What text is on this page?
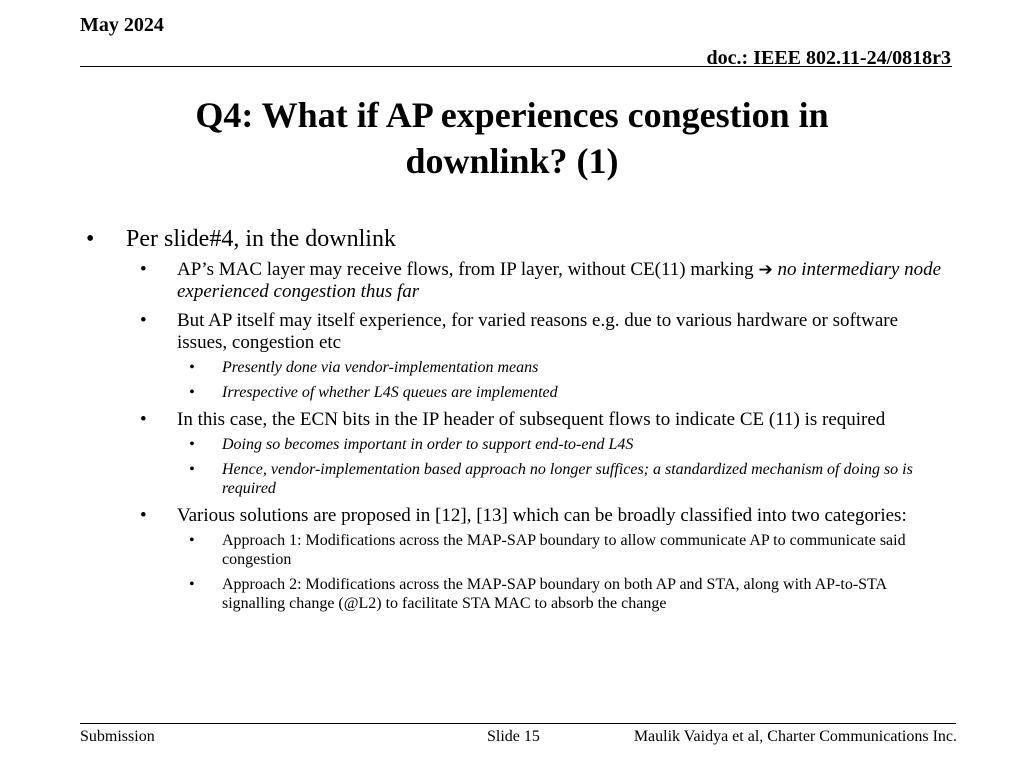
May 2024
doc.: IEEE 802.11-24/0818r3
Q4: What if AP experiences congestion in
downlink? (1)
• Per slide#4, in the downlink
• AP’s MAC layer may receive flows, from IP layer, without CE(11) marking ➔ no intermediary node experienced congestion thus far
• But AP itself may itself experience, for varied reasons e.g. due to various hardware or software issues, congestion etc
• Presently done via vendor-implementation means
• Irrespective of whether L4S queues are implemented
• In this case, the ECN bits in the IP header of subsequent flows to indicate CE (11) is required
• Doing so becomes important in order to support end-to-end L4S
• Hence, vendor-implementation based approach no longer suffices; a standardized mechanism of doing so is required
• Various solutions are proposed in [12], [13] which can be broadly classified into two categories:
• Approach 1: Modifications across the MAP-SAP boundary to allow communicate AP to communicate said congestion
• Approach 2: Modifications across the MAP-SAP boundary on both AP and STA, along with AP-to-STA signalling change (@L2) to facilitate STA MAC to absorb the change
Submission	Slide 15	Maulik Vaidya et al, Charter Communications Inc.
